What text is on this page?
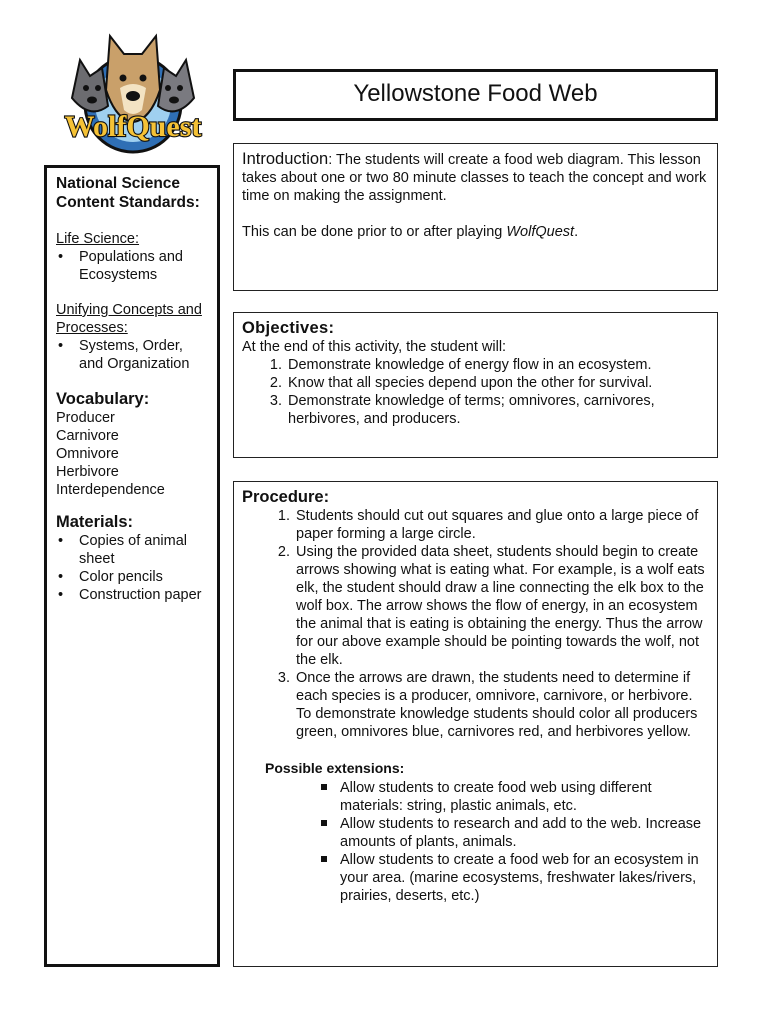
WolfQuest
Yellowstone Food Web
National Science Content Standards:
Life Science:
• Populations and Ecosystems
Unifying Concepts and Processes:
• Systems, Order, and Organization
Vocabulary:
Producer
Carnivore
Omnivore
Herbivore
Interdependence
Materials:
• Copies of animal sheet
• Color pencils
• Construction paper

Introduction: The students will create a food web diagram. This lesson takes about one or two 80 minute classes to teach the concept and work time on making the assignment.

This can be done prior to or after playing WolfQuest.

Objectives:
At the end of this activity, the student will:
1. Demonstrate knowledge of energy flow in an ecosystem.
2. Know that all species depend upon the other for survival.
3. Demonstrate knowledge of terms; omnivores, carnivores, herbivores, and producers.
Procedure:
1. Students should cut out squares and glue onto a large piece of paper forming a large circle.
2. Using the provided data sheet, students should begin to create arrows showing what is eating what. For example, is a wolf eats elk, the student should draw a line connecting the elk box to the wolf box. The arrow shows the flow of energy, in an ecosystem the animal that is eating is obtaining the energy. Thus the arrow for our above example should be pointing towards the wolf, not the elk.
3. Once the arrows are drawn, the students need to determine if each species is a producer, omnivore, carnivore, or herbivore. To demonstrate knowledge students should color all producers green, omnivores blue, carnivores red, and herbivores yellow.
Possible extensions:
Allow students to create food web using different materials: string, plastic animals, etc.
Allow students to research and add to the web. Increase amounts of plants, animals.
Allow students to create a food web for an ecosystem in your area. (marine ecosystems, freshwater lakes/rivers, prairies, deserts, etc.)
